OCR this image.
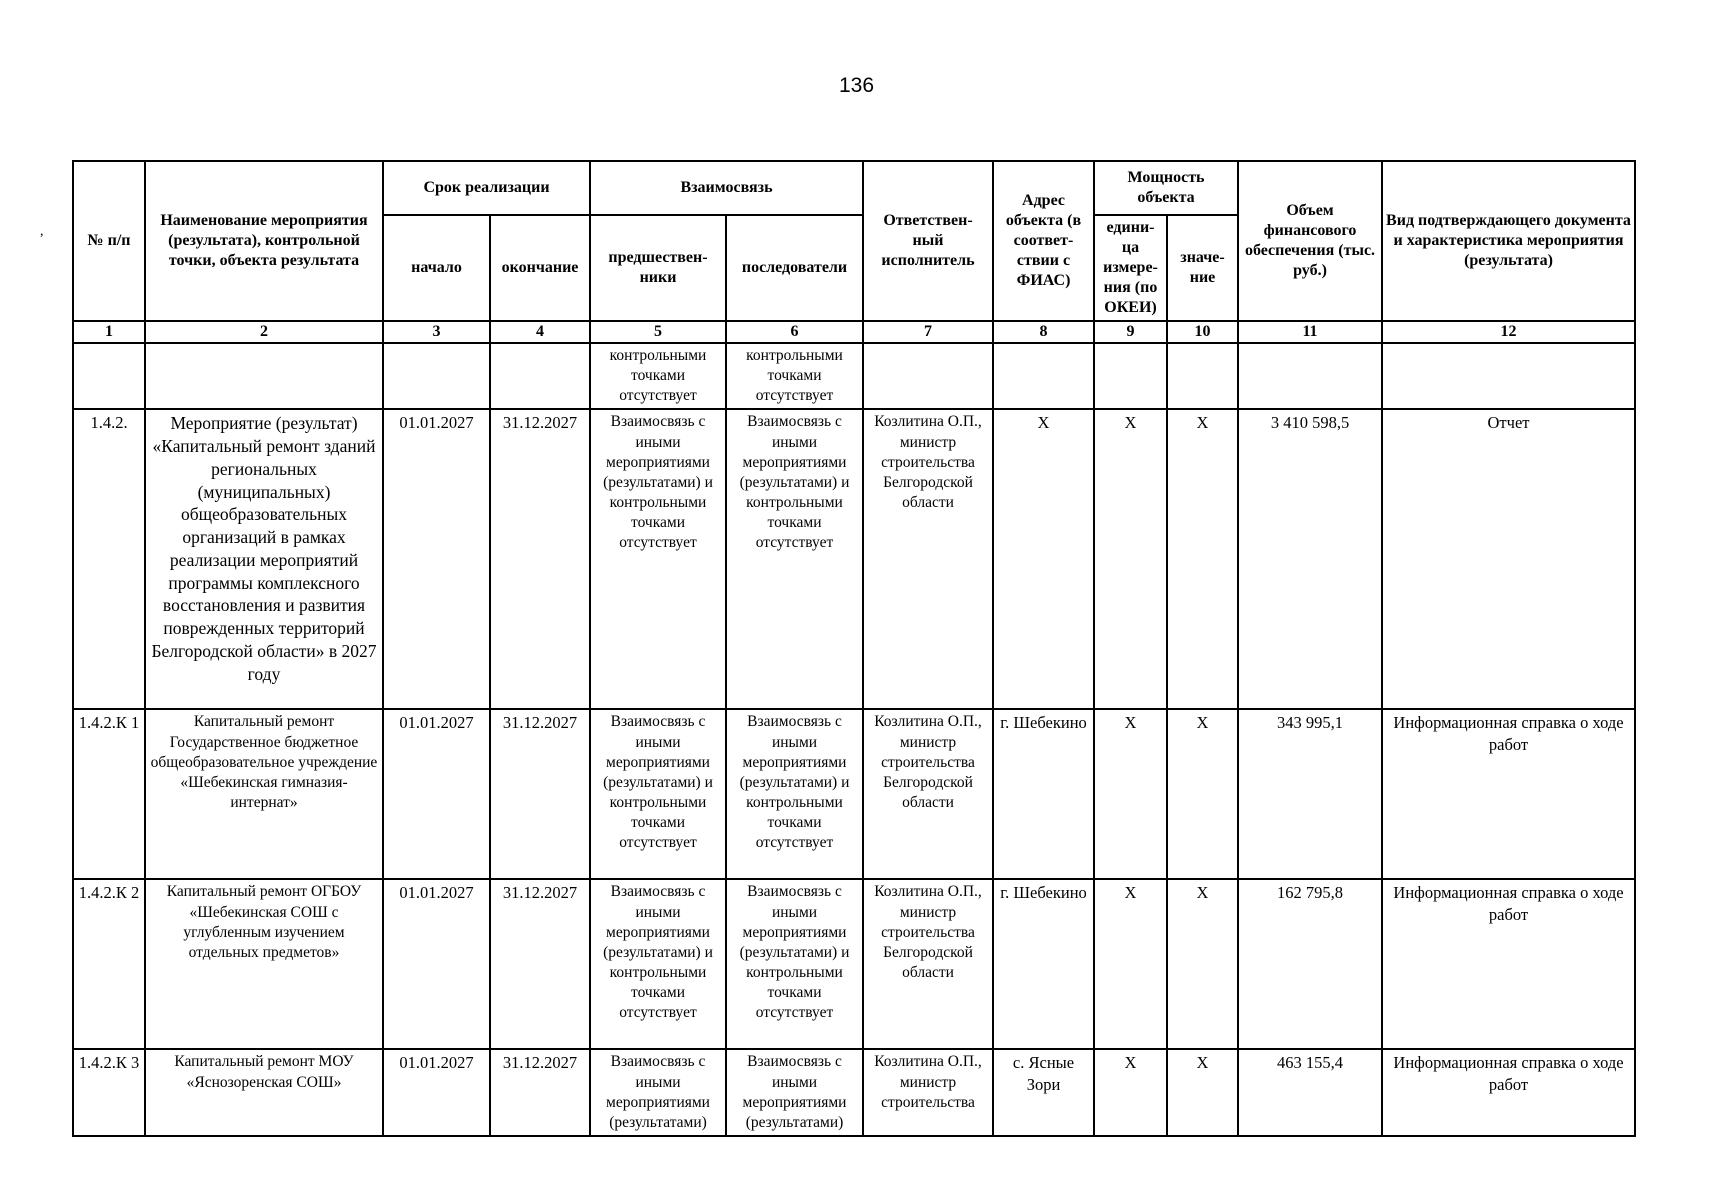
136
,
№ п/п	Наименование мероприятия (результата), контрольной точки, объекта результата	Срок реализации		Взаимосвязь		Ответствен- ный исполнитель	Адрес объекта (в соответ- ствии с ФИАС)	Мощность объекта		Объем финансового обеспечения (тыс. руб.)	Вид подтверждающего документа и характеристика мероприятия (результата)
		начало	окончание	предшествен- ники	последователи			едини- ца измере- ния (по ОКЕИ)	значе- ние		
1	2	3	4	5	6	7	8	9	10	11	12
				контрольными точками отсутствует	контрольными точками отсутствует						
1.4.2.	Мероприятие (результат) «Капитальный ремонт зданий региональных (муниципальных) общеобразовательных организаций в рамках реализации мероприятий программы комплексного восстановления и развития поврежденных территорий Белгородской области» в 2027 году	01.01.2027	31.12.2027	Взаимосвязь с иными мероприятиями (результатами) и контрольными точками отсутствует	Взаимосвязь с иными мероприятиями (результатами) и контрольными точками отсутствует	Козлитина О.П., министр строительства Белгородской области	Х	Х	Х	3 410 598,5	Отчет
1.4.2.К 1	Капитальный ремонт Государственное бюджетное общеобразовательное учреждение «Шебекинская гимназия-интернат»	01.01.2027	31.12.2027	Взаимосвязь с иными мероприятиями (результатами) и контрольными точками отсутствует	Взаимосвязь с иными мероприятиями (результатами) и контрольными точками отсутствует	Козлитина О.П., министр строительства Белгородской области	г. Шебекино	Х	Х	343 995,1	Информационная справка о ходе работ
1.4.2.К 2	Капитальный ремонт ОГБОУ «Шебекинская СОШ с углубленным изучением отдельных предметов»	01.01.2027	31.12.2027	Взаимосвязь с иными мероприятиями (результатами) и контрольными точками отсутствует	Взаимосвязь с иными мероприятиями (результатами) и контрольными точками отсутствует	Козлитина О.П., министр строительства Белгородской области	г. Шебекино	Х	Х	162 795,8	Информационная справка о ходе работ
1.4.2.К 3	Капитальный ремонт МОУ «Яснозоренская СОШ»	01.01.2027	31.12.2027	Взаимосвязь с иными мероприятиями (результатами)	Взаимосвязь с иными мероприятиями (результатами)	Козлитина О.П., министр строительства	с. Ясные Зори	Х	Х	463 155,4	Информационная справка о ходе работ
